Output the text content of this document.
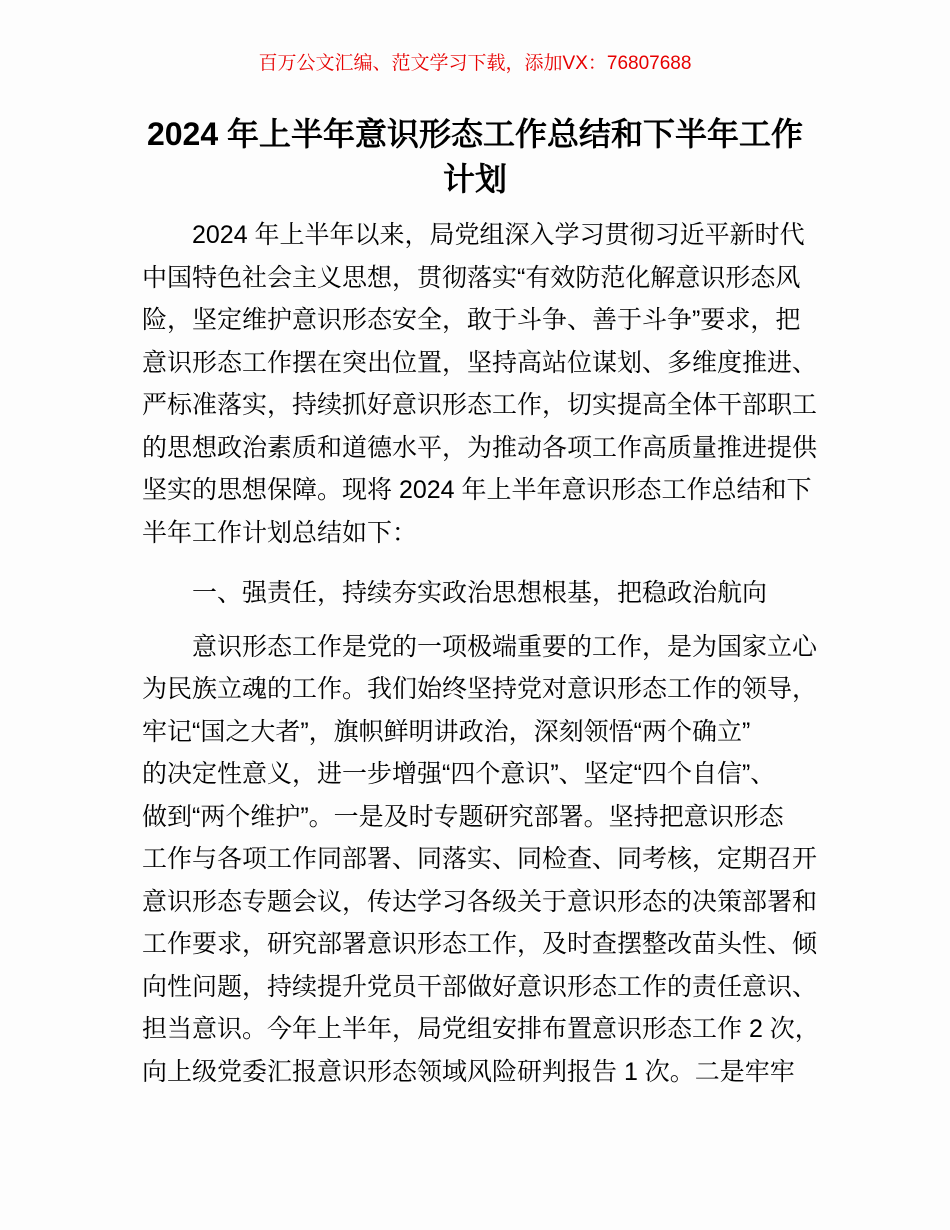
百万公文汇编、范文学习下载，添加VX：76807688
2024 年上半年意识形态工作总结和下半年工作
计划
2024 年上半年以来，局党组深入学习贯彻习近平新时代
中国特色社会主义思想，贯彻落实“有效防范化解意识形态风
险，坚定维护意识形态安全，敢于斗争、善于斗争”要求，把
意识形态工作摆在突出位置，坚持高站位谋划、多维度推进、
严标准落实，持续抓好意识形态工作，切实提高全体干部职工
的思想政治素质和道德水平，为推动各项工作高质量推进提供
坚实的思想保障。现将 2024 年上半年意识形态工作总结和下
半年工作计划总结如下：
一、强责任，持续夯实政治思想根基，把稳政治航向
意识形态工作是党的一项极端重要的工作，是为国家立心
为民族立魂的工作。我们始终坚持党对意识形态工作的领导，
牢记“国之大者”，旗帜鲜明讲政治，深刻领悟“两个确立”
的决定性意义，进一步增强“四个意识”、坚定“四个自信”、
做到“两个维护”。一是及时专题研究部署。坚持把意识形态
工作与各项工作同部署、同落实、同检查、同考核，定期召开
意识形态专题会议，传达学习各级关于意识形态的决策部署和
工作要求，研究部署意识形态工作，及时查摆整改苗头性、倾
向性问题，持续提升党员干部做好意识形态工作的责任意识、
担当意识。今年上半年，局党组安排布置意识形态工作 2 次，
向上级党委汇报意识形态领域风险研判报告 1 次。二是牢牢
